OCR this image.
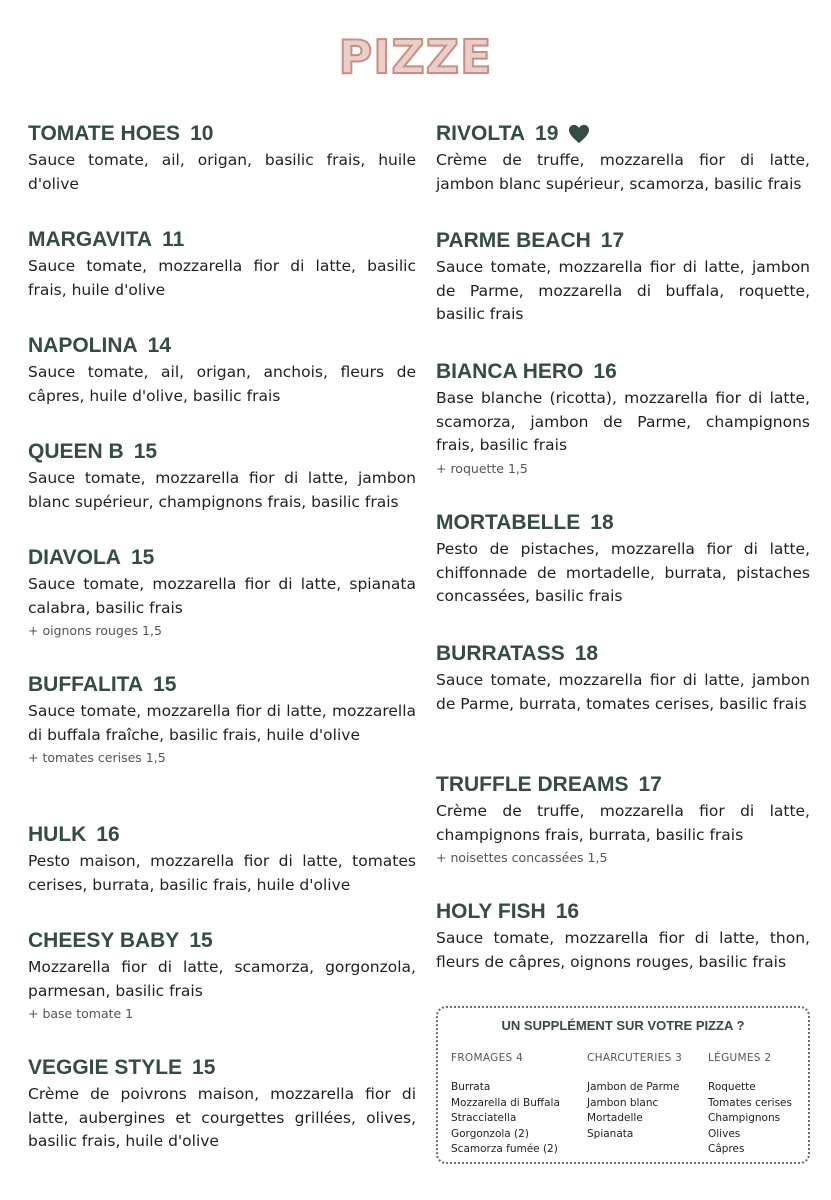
PIZZE
TOMATE HOES 10

Sauce tomate, ail, origan, basilic frais, huile d'olive

MARGAVITA 11

Sauce tomate, mozzarella fior di latte, basilic frais, huile d'olive

NAPOLINA 14

Sauce tomate, ail, origan, anchois, fleurs de câpres, huile d'olive, basilic frais

QUEEN B 15

Sauce tomate, mozzarella fior di latte, jambon blanc supérieur, champignons frais, basilic frais

DIAVOLA 15

Sauce tomate, mozzarella fior di latte, spianata calabra, basilic frais

+ oignons rouges 1,5

BUFFALITA 15

Sauce tomate, mozzarella fior di latte, mozzarella di buffala fraîche, basilic frais, huile d'olive

+ tomates cerises 1,5

HULK 16

Pesto maison, mozzarella fior di latte, tomates cerises, burrata, basilic frais, huile d'olive

CHEESY BABY 15

Mozzarella fior di latte, scamorza, gorgonzola, parmesan, basilic frais

+ base tomate 1

VEGGIE STYLE 15

Crème de poivrons maison, mozzarella fior di latte, aubergines et courgettes grillées, olives, basilic frais, huile d'olive

RIVOLTA 19

Crème de truffe, mozzarella fior di latte, jambon blanc supérieur, scamorza, basilic frais

PARME BEACH 17

Sauce tomate, mozzarella fior di latte, jambon de Parme, mozzarella di buffala, roquette, basilic frais

BIANCA HERO 16

Base blanche (ricotta), mozzarella fior di latte, scamorza, jambon de Parme, champignons frais, basilic frais

+ roquette 1,5

MORTABELLE 18

Pesto de pistaches, mozzarella fior di latte, chiffonnade de mortadelle, burrata, pistaches concassées, basilic frais

BURRATASS 18

Sauce tomate, mozzarella fior di latte, jambon de Parme, burrata, tomates cerises, basilic frais

TRUFFLE DREAMS 17

Crème de truffe, mozzarella fior di latte, champignons frais, burrata, basilic frais

+ noisettes concassées 1,5

HOLY FISH 16

Sauce tomate, mozzarella fior di latte, thon, fleurs de câpres, oignons rouges, basilic frais

UN SUPPLÉMENT SUR VOTRE PIZZA ?
FROMAGES 4
Burrata
Mozzarella di Buffala
Stracciatella
Gorgonzola (2)
Scamorza fumée (2)
CHARCUTERIES 3
Jambon de Parme
Jambon blanc
Mortadelle
Spianata
LÉGUMES 2
Roquette
Tomates cerises
Champignons
Olives
Câpres
